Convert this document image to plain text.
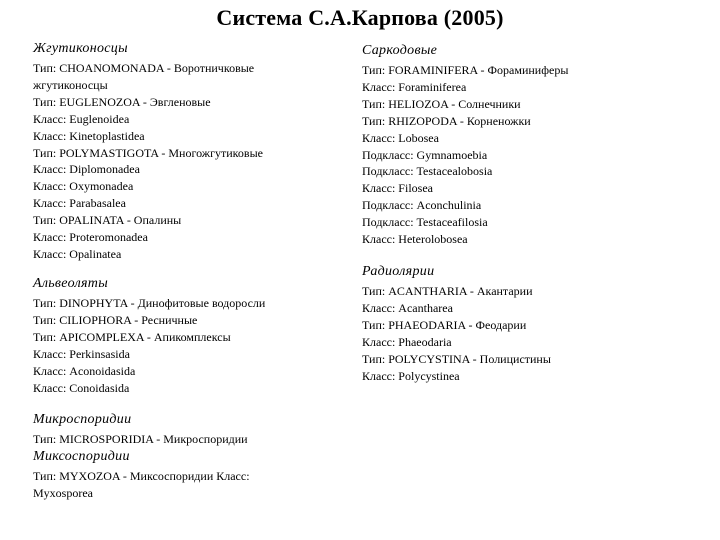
Система С.А.Карпова (2005)
Жгутиконосцы
Тип: CHOANOMONADA - Воротничковые
жгутиконосцы
Тип: EUGLENOZOA - Эвгленовые
Класс: Euglenoidea
Класс: Kinetoplastidea
Тип: POLYMASTIGOTA - Многожгутиковые
Класс: Diplomonadea
Класс: Oxymonadea
Класс: Parabasalea
Тип: OPALINATA - Опалины
Класс: Proteromonadea
Класс: Opalinatea
Альвеоляты
Тип: DINOPHYTA - Динофитовые водоросли
Тип: CILIOPHORA - Ресничные
Тип: APICOMPLEXA - Апикомплексы
Класс: Perkinsasida
Класс: Aconoidasida
Класс: Conoidasida
Микроспоридии
Тип: MICROSPORIDIA - Микроспоридии
Миксоспоридии
Тип: MYXOZOA - Миксоспоридии Класс:
Myxosporea
Саркодовые
Тип: FORAMINIFERA - Фораминиферы
Класс: Foraminiferea
Тип: HELIOZOA - Солнечники
Тип: RHIZOPODA - Корненожки
Класс: Lobosea
Подкласс: Gymnamoebia
Подкласс: Testacealobosia
Класс: Filosea
Подкласс: Aconchulinia
Подкласс: Testaceafilosia
Класс: Heterolobosea
Радиолярии
Тип: ACANTHARIA - Акантарии
Класс: Acantharea
Тип: PHAEODARIA - Феодарии
Класс: Phaeodaria
Тип: POLYCYSTINA - Полицистины
Класс: Polycystinea
